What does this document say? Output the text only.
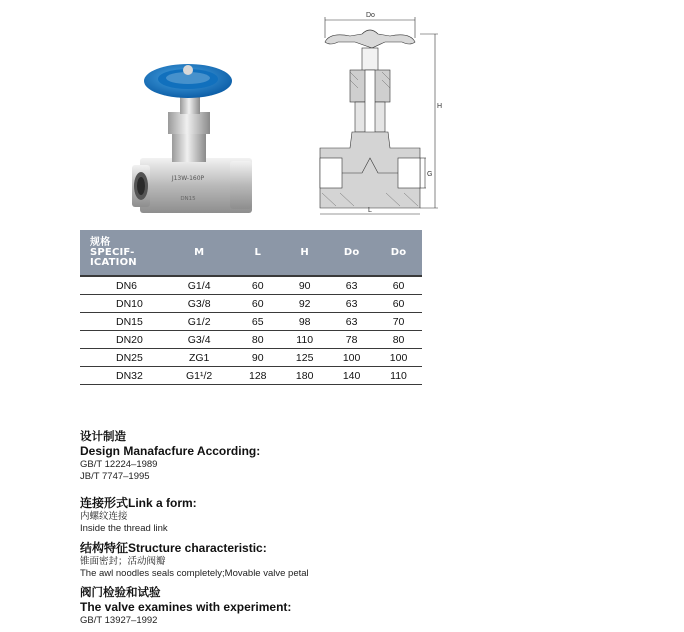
J13W-160P
DN15
Do
H
L
G
规格
SPECIF-
ICATION	M	L	H	Do	Do
DN6	G1/4	60	90	63	60
DN10	G3/8	60	92	63	60
DN15	G1/2	65	98	63	70
DN20	G3/4	80	110	78	80
DN25	ZG1	90	125	100	100
DN32	G1¹/2	128	180	140	110
设计制造
Design Manafacfure According:
GB/T 12224–1989
JB/T 7747–1995
连接形式Link a form:
内螺纹连接
Inside the thread link
结构特征Structure characteristic:
锥面密封；活动阀瓣
The awl noodles seals completely;Movable valve petal
阀门检验和试验
The valve examines with experiment:
GB/T 13927–1992
